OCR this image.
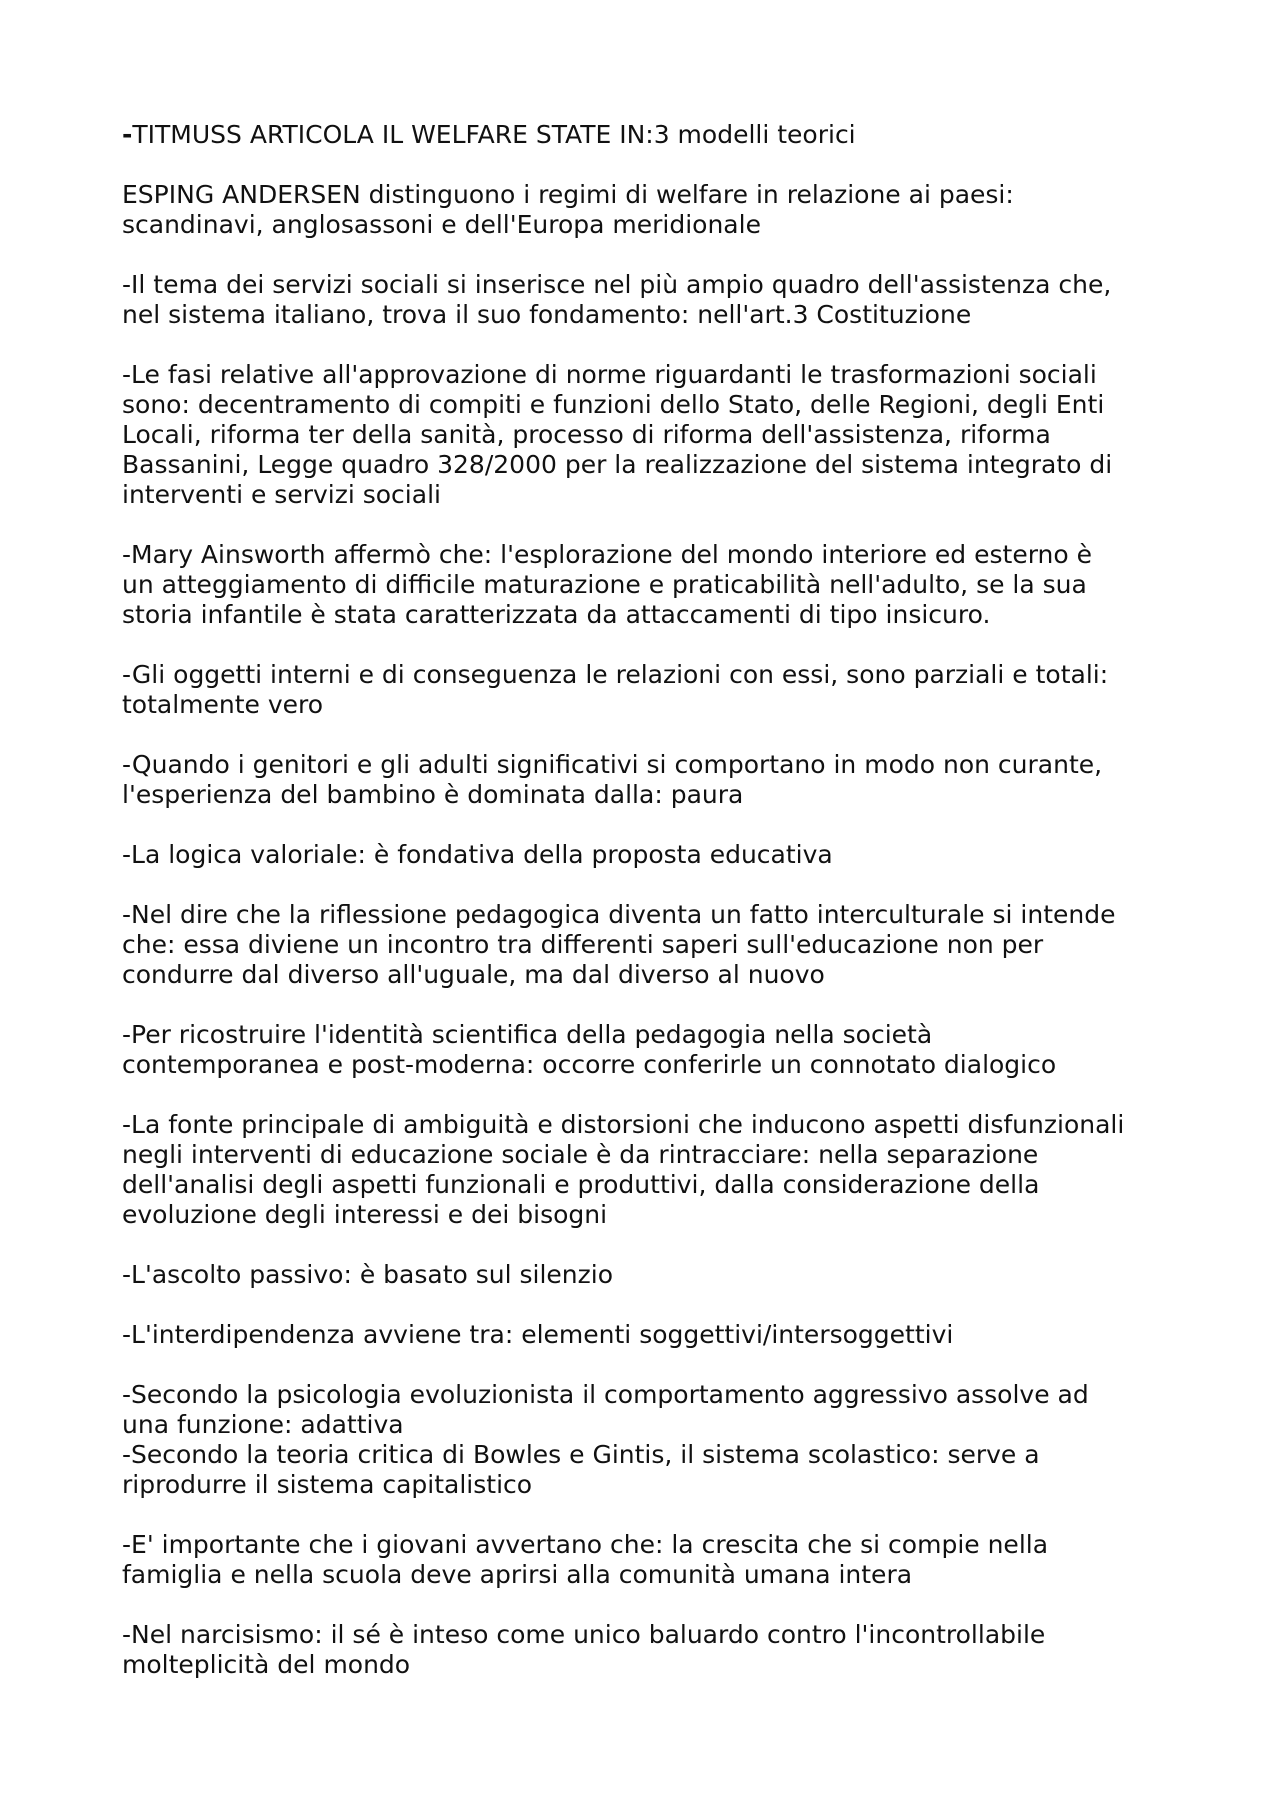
-TITMUSS ARTICOLA IL WELFARE STATE IN:3 modelli teorici

ESPING ANDERSEN distinguono i regimi di welfare in relazione ai paesi:
scandinavi, anglosassoni e dell'Europa meridionale

-Il tema dei servizi sociali si inserisce nel più ampio quadro dell'assistenza che,
nel sistema italiano, trova il suo fondamento: nell'art.3 Costituzione

-Le fasi relative all'approvazione di norme riguardanti le trasformazioni sociali
sono: decentramento di compiti e funzioni dello Stato, delle Regioni, degli Enti
Locali, riforma ter della sanità, processo di riforma dell'assistenza, riforma
Bassanini, Legge quadro 328/2000 per la realizzazione del sistema integrato di
interventi e servizi sociali

-Mary Ainsworth affermò che: l'esplorazione del mondo interiore ed esterno è
un atteggiamento di difficile maturazione e praticabilità nell'adulto, se la sua
storia infantile è stata caratterizzata da attaccamenti di tipo insicuro.

-Gli oggetti interni e di conseguenza le relazioni con essi, sono parziali e totali:
totalmente vero

-Quando i genitori e gli adulti significativi si comportano in modo non curante,
l'esperienza del bambino è dominata dalla: paura

-La logica valoriale: è fondativa della proposta educativa

-Nel dire che la riflessione pedagogica diventa un fatto interculturale si intende
che: essa diviene un incontro tra differenti saperi sull'educazione non per
condurre dal diverso all'uguale, ma dal diverso al nuovo

-Per ricostruire l'identità scientifica della pedagogia nella società
contemporanea e post-moderna: occorre conferirle un connotato dialogico

-La fonte principale di ambiguità e distorsioni che inducono aspetti disfunzionali
negli interventi di educazione sociale è da rintracciare: nella separazione
dell'analisi degli aspetti funzionali e produttivi, dalla considerazione della
evoluzione degli interessi e dei bisogni

-L'ascolto passivo: è basato sul silenzio

-L'interdipendenza avviene tra: elementi soggettivi/intersoggettivi

-Secondo la psicologia evoluzionista il comportamento aggressivo assolve ad
una funzione: adattiva

-Secondo la teoria critica di Bowles e Gintis, il sistema scolastico: serve a
riprodurre il sistema capitalistico

-E' importante che i giovani avvertano che: la crescita che si compie nella
famiglia e nella scuola deve aprirsi alla comunità umana intera

-Nel narcisismo: il sé è inteso come unico baluardo contro l'incontrollabile
molteplicità del mondo
